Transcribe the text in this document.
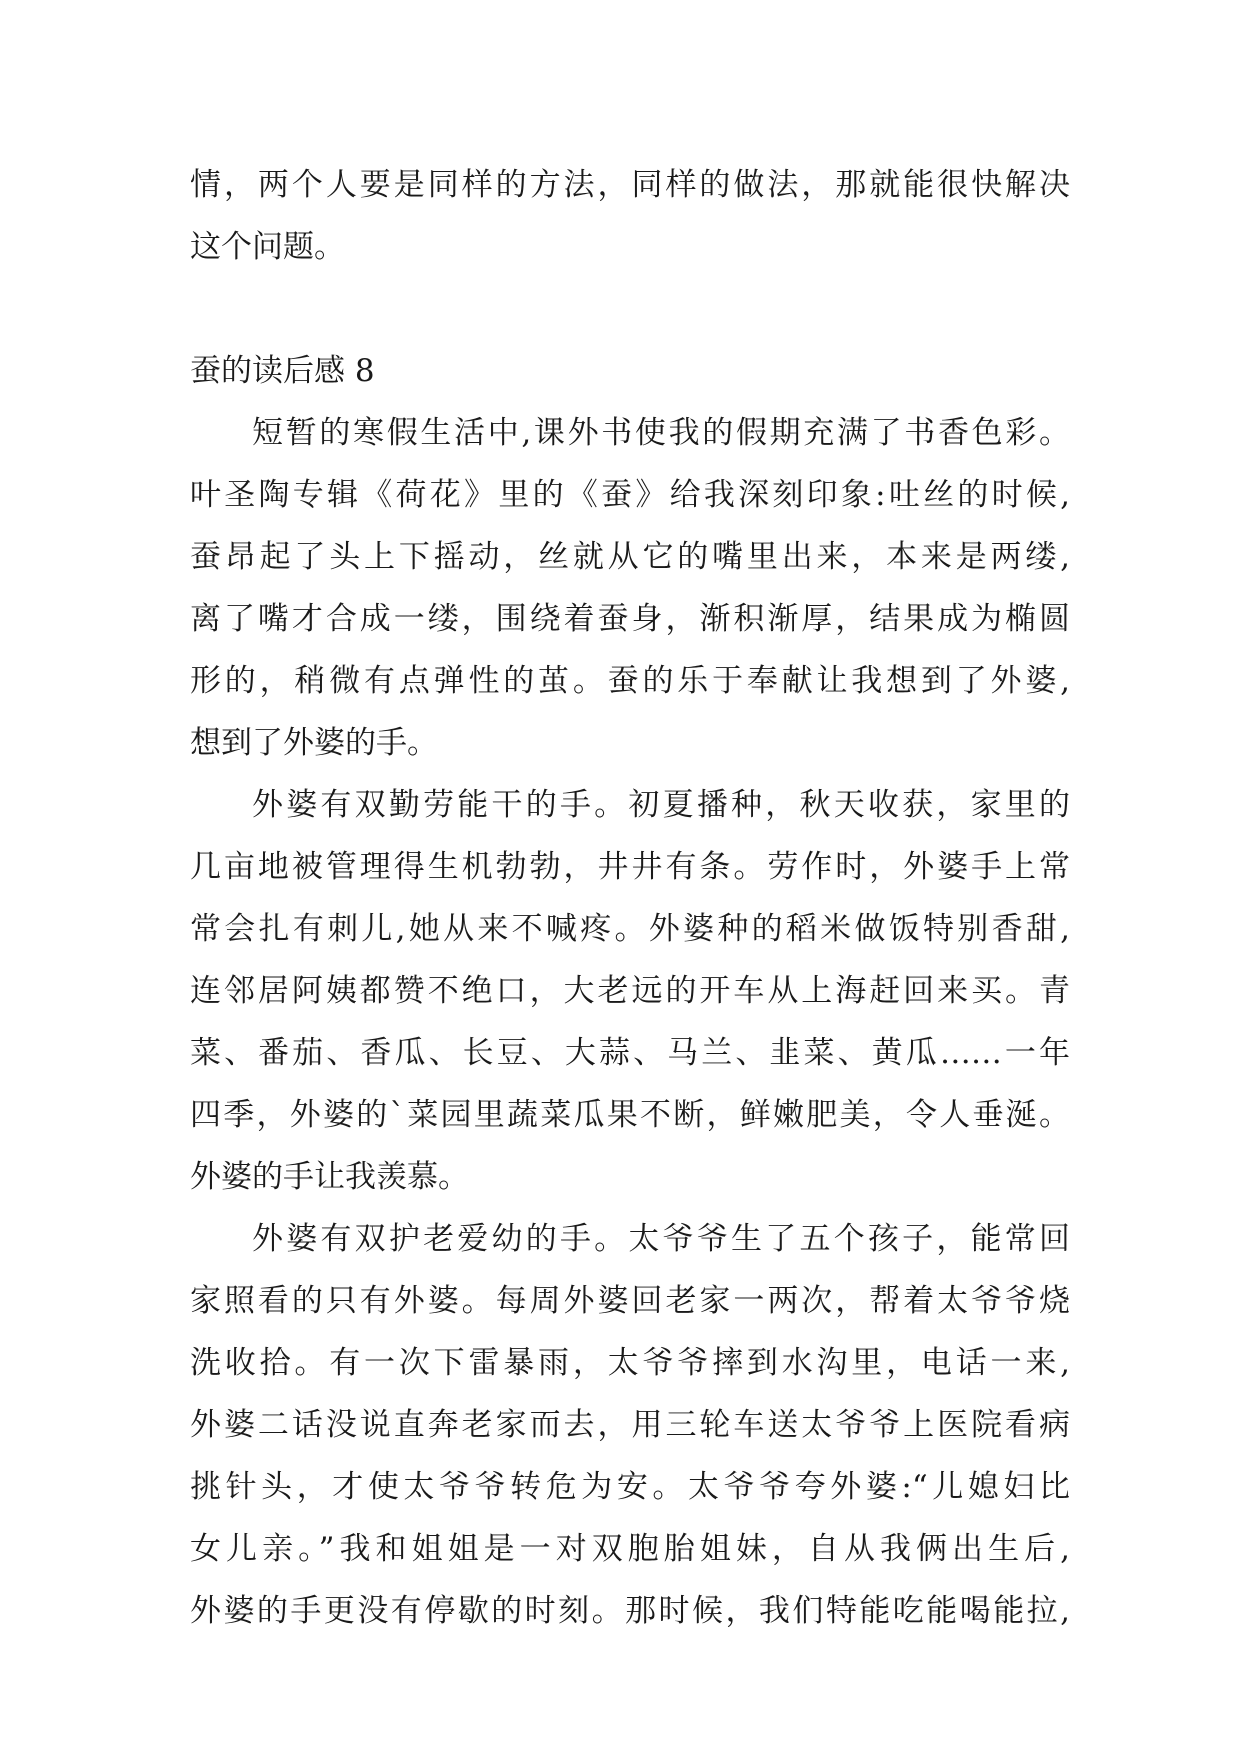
情，两个人要是同样的方法，同样的做法，那就能很快解决
这个问题。
蚕的读后感 8
短暂的寒假生活中,课外书使我的假期充满了书香色彩。
叶圣陶专辑《荷花》里的《蚕》给我深刻印象:吐丝的时候,
蚕昂起了头上下摇动，丝就从它的嘴里出来，本来是两缕,
离了嘴才合成一缕，围绕着蚕身，渐积渐厚，结果成为椭圆
形的，稍微有点弹性的茧。蚕的乐于奉献让我想到了外婆,
想到了外婆的手。
外婆有双勤劳能干的手。初夏播种，秋天收获，家里的
几亩地被管理得生机勃勃，井井有条。劳作时，外婆手上常
常会扎有刺儿,她从来不喊疼。外婆种的稻米做饭特别香甜,
连邻居阿姨都赞不绝口，大老远的开车从上海赶回来买。青
菜、番茄、香瓜、长豆、大蒜、马兰、韭菜、黄瓜……一年
四季，外婆的`菜园里蔬菜瓜果不断，鲜嫩肥美，令人垂涎。
外婆的手让我羡慕。
外婆有双护老爱幼的手。太爷爷生了五个孩子，能常回
家照看的只有外婆。每周外婆回老家一两次，帮着太爷爷烧
洗收拾。有一次下雷暴雨，太爷爷摔到水沟里，电话一来,
外婆二话没说直奔老家而去，用三轮车送太爷爷上医院看病
挑针头，才使太爷爷转危为安。太爷爷夸外婆:“儿媳妇比
女儿亲。”我和姐姐是一对双胞胎姐妹，自从我俩出生后,
外婆的手更没有停歇的时刻。那时候，我们特能吃能喝能拉,
